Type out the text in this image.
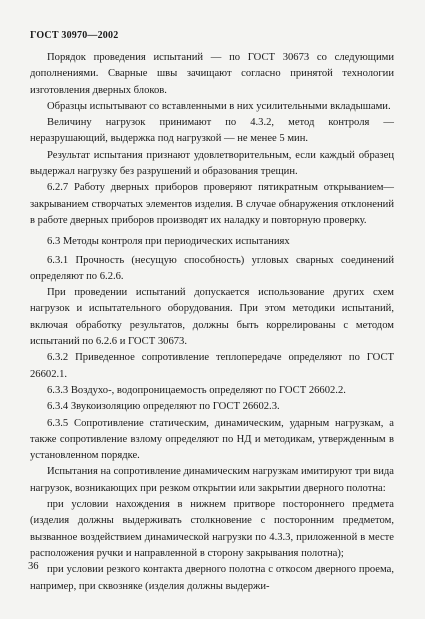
ГОСТ 30970—2002

Порядок проведения испытаний — по ГОСТ 30673 со следующими дополнениями. Сварные швы зачищают согласно принятой технологии изготовления дверных блоков.

Образцы испытывают со вставленными в них усилительными вкладышами.

Величину нагрузок принимают по 4.3.2, метод контроля — неразрушающий, выдержка под нагрузкой — не менее 5 мин.

Результат испытания признают удовлетворительным, если каждый образец выдержал нагрузку без разрушений и образования трещин.

6.2.7 Работу дверных приборов проверяют пятикратным открыванием—закрыванием створчатых элементов изделия. В случае обнаружения отклонений в работе дверных приборов производят их наладку и повторную проверку.

6.3 Методы контроля при периодических испытаниях

6.3.1 Прочность (несущую способность) угловых сварных соединений определяют по 6.2.6.

При проведении испытаний допускается использование других схем нагрузок и испытательного оборудования. При этом методики испытаний, включая обработку результатов, должны быть коррелированы с методом испытаний по 6.2.6 и ГОСТ 30673.

6.3.2 Приведенное сопротивление теплопередаче определяют по ГОСТ 26602.1.

6.3.3 Воздухо-, водопроницаемость определяют по ГОСТ 26602.2.

6.3.4 Звукоизоляцию определяют по ГОСТ 26602.3.

6.3.5 Сопротивление статическим, динамическим, ударным нагрузкам, а также сопротивление взлому определяют по НД и методикам, утвержденным в установленном порядке.

Испытания на сопротивление динамическим нагрузкам имитируют три вида нагрузок, возникающих при резком открытии или закрытии дверного полотна:

при условии нахождения в нижнем притворе постороннего предмета (изделия должны выдерживать столкновение с посторонним предметом, вызванное воздействием динамической нагрузки по 4.3.3, приложенной в месте расположения ручки и направленной в сторону закрывания полотна);

при условии резкого контакта дверного полотна с откосом дверного проема, например, при сквозняке (изделия должны выдержи-

36
